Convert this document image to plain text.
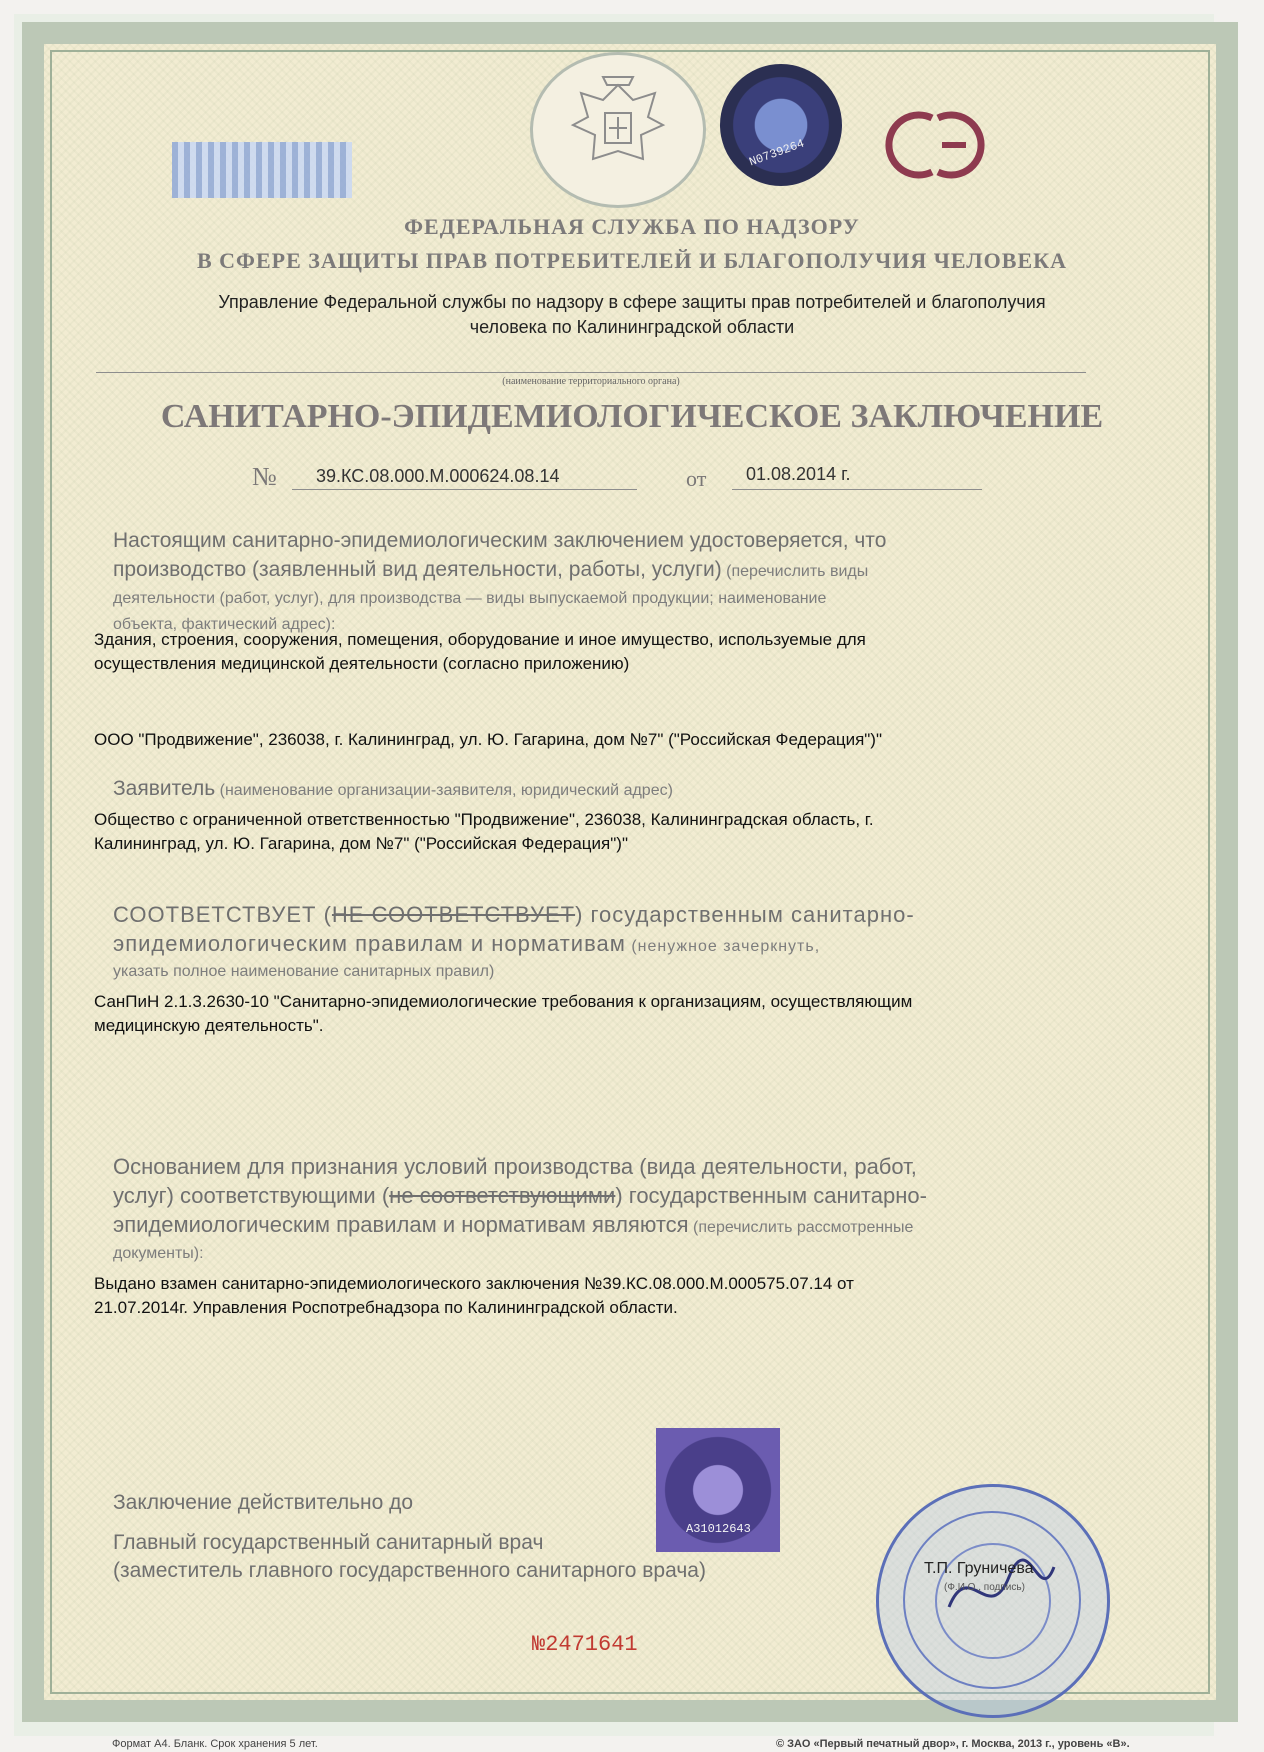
N0739264
ФЕДЕРАЛЬНАЯ СЛУЖБА ПО НАДЗОРУ
В СФЕРЕ ЗАЩИТЫ ПРАВ ПОТРЕБИТЕЛЕЙ И БЛАГОПОЛУЧИЯ ЧЕЛОВЕКА
Управление Федеральной службы по надзору в сфере защиты прав потребителей и благополучия
человека по Калининградской области
(наименование территориального органа)
САНИТАРНО-ЭПИДЕМИОЛОГИЧЕСКОЕ ЗАКЛЮЧЕНИЕ
№ 39.КС.08.000.М.000624.08.14	от 01.08.2014 г.
Настоящим санитарно-эпидемиологическим заключением удостоверяется, что
производство (заявленный вид деятельности, работы, услуги) (перечислить виды
деятельности (работ, услуг), для производства — виды выпускаемой продукции; наименование
объекта, фактический адрес):
Здания, строения, сооружения, помещения, оборудование и иное имущество, используемые для
осуществления медицинской деятельности (согласно приложению)
ООО "Продвижение", 236038, г. Калининград, ул. Ю. Гагарина, дом №7" ("Российская Федерация")"
Заявитель (наименование организации-заявителя, юридический адрес)
Общество с ограниченной ответственностью "Продвижение", 236038, Калининградская область, г.
Калининград, ул. Ю. Гагарина, дом №7" ("Российская Федерация")"
СООТВЕТСТВУЕТ (НЕ СООТВЕТСТВУЕТ) государственным санитарно-
эпидемиологическим правилам и нормативам (ненужное зачеркнуть,
указать полное наименование санитарных правил)
СанПиН 2.1.3.2630-10 "Санитарно-эпидемиологические требования к организациям, осуществляющим
медицинскую деятельность".
Основанием для признания условий производства (вида деятельности, работ,
услуг) соответствующими (не соответствующими) государственным санитарно-
эпидемиологическим правилам и нормативам являются (перечислить рассмотренные
документы):
Выдано взамен санитарно-эпидемиологического заключения №39.КС.08.000.М.000575.07.14 от
21.07.2014г. Управления Роспотребнадзора по Калининградской области.
A31012643
Заключение действительно до
Главный государственный санитарный врач
(заместитель главного государственного санитарного врача)	Т.П. Груничева
(Ф.И.О., подпись)
№2471641
Формат А4. Бланк. Срок хранения 5 лет.	© ЗАО «Первый печатный двор», г. Москва, 2013 г., уровень «В».
